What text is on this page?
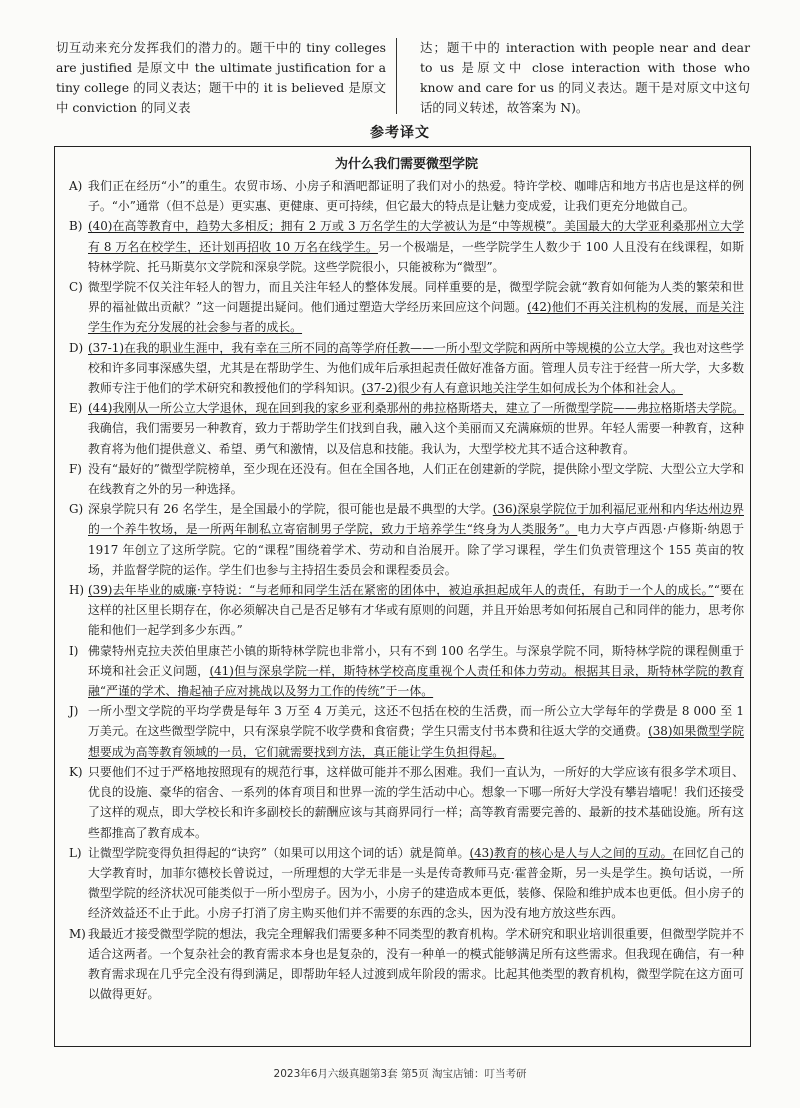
切互动来充分发挥我们的潜力的。题干中的 tiny colleges are justified 是原文中 the ultimate justification for a tiny college 的同义表达；题干中的 it is believed 是原文中 conviction 的同义表
达；题干中的 interaction with people near and dear to us 是原文中 close interaction with those who know and care for us 的同义表达。题干是对原文中这句话的同义转述，故答案为 N)。
参考译文
为什么我们需要微型学院
A) 我们正在经历“小”的重生。农贸市场、小房子和酒吧都证明了我们对小的热爱。特许学校、咖啡店和地方书店也是这样的例子。“小”通常（但不总是）更实惠、更健康、更可持续，但它最大的特点是让魅力变成爱，让我们更充分地做自己。
B) (40)在高等教育中，趋势大多相反；拥有 2 万或 3 万名学生的大学被认为是“中等规模”。美国最大的大学亚利桑那州立大学有 8 万名在校学生，还计划再招收 10 万名在线学生。另一个极端是，一些学院学生人数少于 100 人且没有在线课程，如斯特林学院、托马斯莫尔文学院和深泉学院。这些学院很小，只能被称为“微型”。
C) 微型学院不仅关注年轻人的智力，而且关注年轻人的整体发展。同样重要的是，微型学院会就“教育如何能为人类的繁荣和世界的福祉做出贡献？”这一问题提出疑问。他们通过塑造大学经历来回应这个问题。(42)他们不再关注机构的发展，而是关注学生作为充分发展的社会参与者的成长。
D) (37-1)在我的职业生涯中，我有幸在三所不同的高等学府任教——一所小型文学院和两所中等规模的公立大学。我也对这些学校和许多同事深感失望，尤其是在帮助学生、为他们成年后承担起责任做好准备方面。管理人员专注于经营一所大学，大多数教师专注于他们的学术研究和教授他们的学科知识。(37-2)很少有人有意识地关注学生如何成长为个体和社会人。
E) (44)我刚从一所公立大学退休，现在回到我的家乡亚利桑那州的弗拉格斯塔夫，建立了一所微型学院——弗拉格斯塔夫学院。我确信，我们需要另一种教育，致力于帮助学生们找到自我，融入这个美丽而又充满麻烦的世界。年轻人需要一种教育，这种教育将为他们提供意义、希望、勇气和激情，以及信息和技能。我认为，大型学校尤其不适合这种教育。
F) 没有“最好的”微型学院榜单，至少现在还没有。但在全国各地，人们正在创建新的学院，提供除小型文学院、大型公立大学和在线教育之外的另一种选择。
G) 深泉学院只有 26 名学生，是全国最小的学院，很可能也是最不典型的大学。(36)深泉学院位于加利福尼亚州和内华达州边界的一个养牛牧场，是一所两年制私立寄宿制男子学院，致力于培养学生“终身为人类服务”。电力大亨卢西恩·卢修斯·纳恩于 1917 年创立了这所学院。它的“课程”围绕着学术、劳动和自治展开。除了学习课程，学生们负责管理这个 155 英亩的牧场，并监督学院的运作。学生们也参与主持招生委员会和课程委员会。
H) (39)去年毕业的威廉·亨特说：“与老师和同学生活在紧密的团体中，被迫承担起成年人的责任，有助于一个人的成长。”“要在这样的社区里长期存在，你必须解决自己是否足够有才华或有原则的问题，并且开始思考如何拓展自己和同伴的能力，思考你能和他们一起学到多少东西。”
I) 佛蒙特州克拉夫茨伯里康芒小镇的斯特林学院也非常小，只有不到 100 名学生。与深泉学院不同，斯特林学院的课程侧重于环境和社会正义问题，(41)但与深泉学院一样，斯特林学校高度重视个人责任和体力劳动。根据其目录，斯特林学院的教育融“严谨的学术、撸起袖子应对挑战以及努力工作的传统”于一体。
J) 一所小型文学院的平均学费是每年 3 万至 4 万美元，这还不包括在校的生活费，而一所公立大学每年的学费是 8 000 至 1 万美元。在这些微型学院中，只有深泉学院不收学费和食宿费；学生只需支付书本费和往返大学的交通费。(38)如果微型学院想要成为高等教育领域的一员，它们就需要找到方法，真正能让学生负担得起。
K) 只要他们不过于严格地按照现有的规范行事，这样做可能并不那么困难。我们一直认为，一所好的大学应该有很多学术项目、优良的设施、豪华的宿舍、一系列的体育项目和世界一流的学生活动中心。想象一下哪一所好大学没有攀岩墙呢！我们还接受了这样的观点，即大学校长和许多副校长的薪酬应该与其商界同行一样；高等教育需要完善的、最新的技术基础设施。所有这些都推高了教育成本。
L) 让微型学院变得负担得起的“诀窍”（如果可以用这个词的话）就是简单。(43)教育的核心是人与人之间的互动。在回忆自己的大学教育时，加菲尔德校长曾说过，一所理想的大学无非是一头是传奇教师马克·霍普金斯，另一头是学生。换句话说，一所微型学院的经济状况可能类似于一所小型房子。因为小，小房子的建造成本更低，装修、保险和维护成本也更低。但小房子的经济效益还不止于此。小房子打消了房主购买他们并不需要的东西的念头，因为没有地方放这些东西。
M) 我最近才接受微型学院的想法，我完全理解我们需要多种不同类型的教育机构。学术研究和职业培训很重要，但微型学院并不适合这两者。一个复杂社会的教育需求本身也是复杂的，没有一种单一的模式能够满足所有这些需求。但我现在确信，有一种教育需求现在几乎完全没有得到满足，即帮助年轻人过渡到成年阶段的需求。比起其他类型的教育机构，微型学院在这方面可以做得更好。
2023年6月六级真题第3套 第5页 淘宝店铺：叮当考研
